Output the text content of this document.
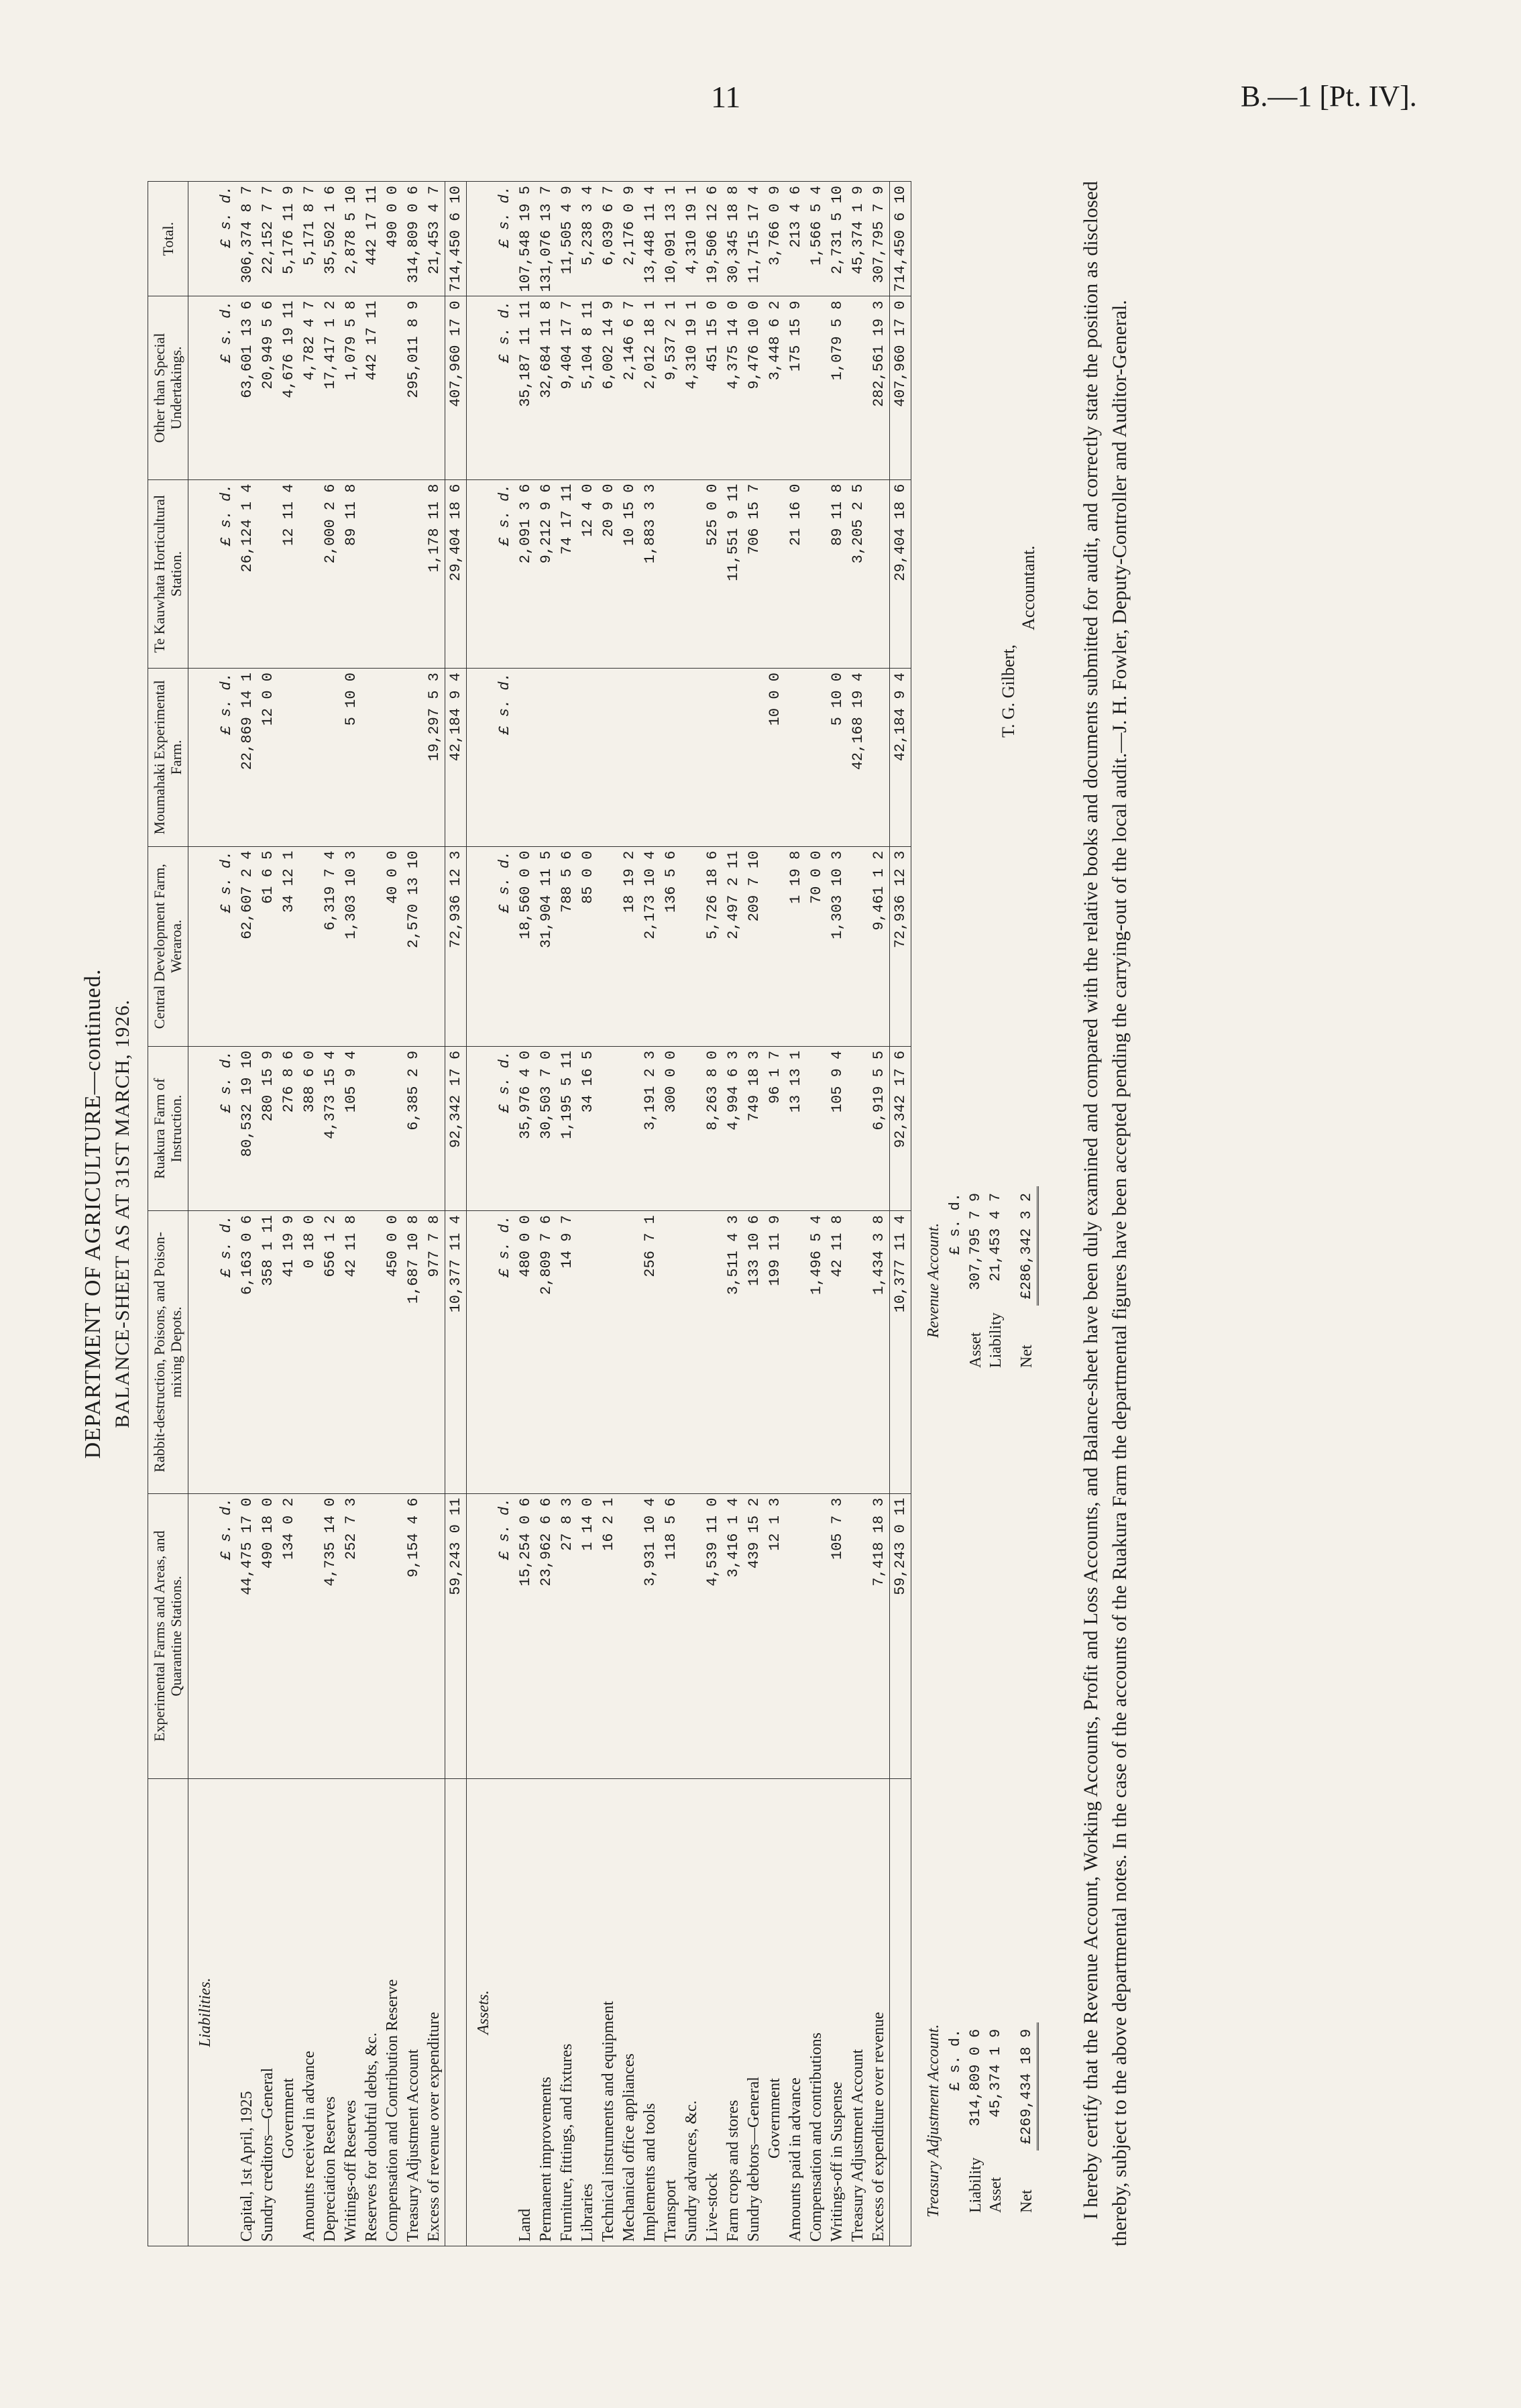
11	B.—1 [Pt. IV].
DEPARTMENT OF AGRICULTURE—continued. BALANCE-SHEET AS AT 31ST MARCH, 1926.
	Experimental Farms and Areas, and Quarantine Stations.	Rabbit-destruction, Poisons, and Poison-mixing Depots.	Ruakura Farm of Instruction.	Central Development Farm, Weraroa.	Moumahaki Experimental Farm.	Te Kauwhata Horticultural Station.	Other than Special Undertakings.	Total.
Liabilities.								
	£ s. d.	£ s. d.	£ s. d.	£ s. d.	£ s. d.	£ s. d.	£ s. d.	£ s. d.
Capital, 1st April, 1925	44,475 17 0	6,163 0 6	80,532 19 10	62,607 2 4	22,869 14 1	26,124 1 4	63,601 13 6	306,374 8 7
Sundry creditors—General	490 18 0	358 1 11	280 15 9	61 6 5	12 0 0		20,949 5 6	22,152 7 7
Government	134 0 2	41 19 9	276 8 6	34 12 1		12 11 4	4,676 19 11	5,176 11 9
Amounts received in advance		0 18 0	388 6 0				4,782 4 7	5,171 8 7
Depreciation Reserves	4,735 14 0	656 1 2	4,373 15 4	6,319 7 4		2,000 2 6	17,417 1 2	35,502 1 6
Writings-off Reserves	252 7 3	42 11 8	105 9 4	1,303 10 3	5 10 0	89 11 8	1,079 5 8	2,878 5 10
Reserves for doubtful debts, &c.							442 17 11	442 17 11
Compensation and Contribution Reserve		450 0 0		40 0 0				490 0 0
Treasury Adjustment Account	9,154 4 6	1,687 10 8	6,385 2 9	2,570 13 10			295,011 8 9	314,809 0 6
Excess of revenue over expenditure		977 7 8			19,297 5 3	1,178 11 8		21,453 4 7
	59,243 0 11	10,377 11 4	92,342 17 6	72,936 12 3	42,184 9 4	29,404 18 6	407,960 17 0	714,450 6 10
Assets.								
	£ s. d.	£ s. d.	£ s. d.	£ s. d.	£ s. d.	£ s. d.	£ s. d.	£ s. d.
Land	15,254 0 6	480 0 0	35,976 4 0	18,560 0 0		2,091 3 6	35,187 11 11	107,548 19 5
Permanent improvements	23,962 6 6	2,809 7 6	30,503 7 0	31,904 11 5		9,212 9 6	32,684 11 8	131,076 13 7
Furniture, fittings, and fixtures	27 8 3	14 9 7	1,195 5 11	788 5 6		74 17 11	9,404 17 7	11,505 4 9
Libraries	1 14 0		34 16 5	85 0 0		12 4 0	5,104 8 11	5,238 3 4
Technical instruments and equipment	16 2 1					20 9 0	6,002 14 9	6,039 6 7
Mechanical office appliances				18 19 2		10 15 0	2,146 6 7	2,176 0 9
Implements and tools	3,931 10 4	256 7 1	3,191 2 3	2,173 10 4		1,883 3 3	2,012 18 1	13,448 11 4
Transport	118 5 6		300 0 0	136 5 6			9,537 2 1	10,091 13 1
Sundry advances, &c.							4,310 19 1	4,310 19 1
Live-stock	4,539 11 0		8,263 8 0	5,726 18 6		525 0 0	451 15 0	19,506 12 6
Farm crops and stores	3,416 1 4	3,511 4 3	4,994 6 3	2,497 2 11		11,551 9 11	4,375 14 0	30,345 18 8
Sundry debtors—General	439 15 2	133 10 6	749 18 3	209 7 10		706 15 7	9,476 10 0	11,715 17 4
Government	12 1 3	199 11 9	96 1 7		10 0 0		3,448 6 2	3,766 0 9
Amounts paid in advance			13 13 1	1 19 8		21 16 0	175 15 9	213 4 6
Compensation and contributions		1,496 5 4		70 0 0				1,566 5 4
Writings-off in Suspense	105 7 3	42 11 8	105 9 4	1,303 10 3	5 10 0	89 11 8	1,079 5 8	2,731 5 10
Treasury Adjustment Account					42,168 19 4	3,205 2 5		45,374 1 9
Excess of expenditure over revenue	7,418 18 3	1,434 3 8	6,919 5 5	9,461 1 2			282,561 19 3	307,795 7 9
	59,243 0 11	10,377 11 4	92,342 17 6	72,936 12 3	42,184 9 4	29,404 18 6	407,960 17 0	714,450 6 10
Treasury Adjustment Account.
	£ s. d.
Liability	314,809 0 6
Asset	45,374 1 9
Net	£269,434 18 9
Revenue Account.
	£ s. d.
Asset	307,795 7 9
Liability	21,453 4 7
Net	£286,342 3 2
T. G. Gilbert,
Accountant. I hereby certify that the Revenue Account, Working Accounts, Profit and Loss Accounts, and Balance-sheet have been duly examined and compared with the relative books and documents submitted for audit, and correctly state the position as disclosed thereby, subject to the above departmental notes. In the case of the accounts of the Ruakura Farm the departmental figures have been accepted pending the carrying-out of the local audit.—J. H. Fowler, Deputy-Controller and Auditor-General.
